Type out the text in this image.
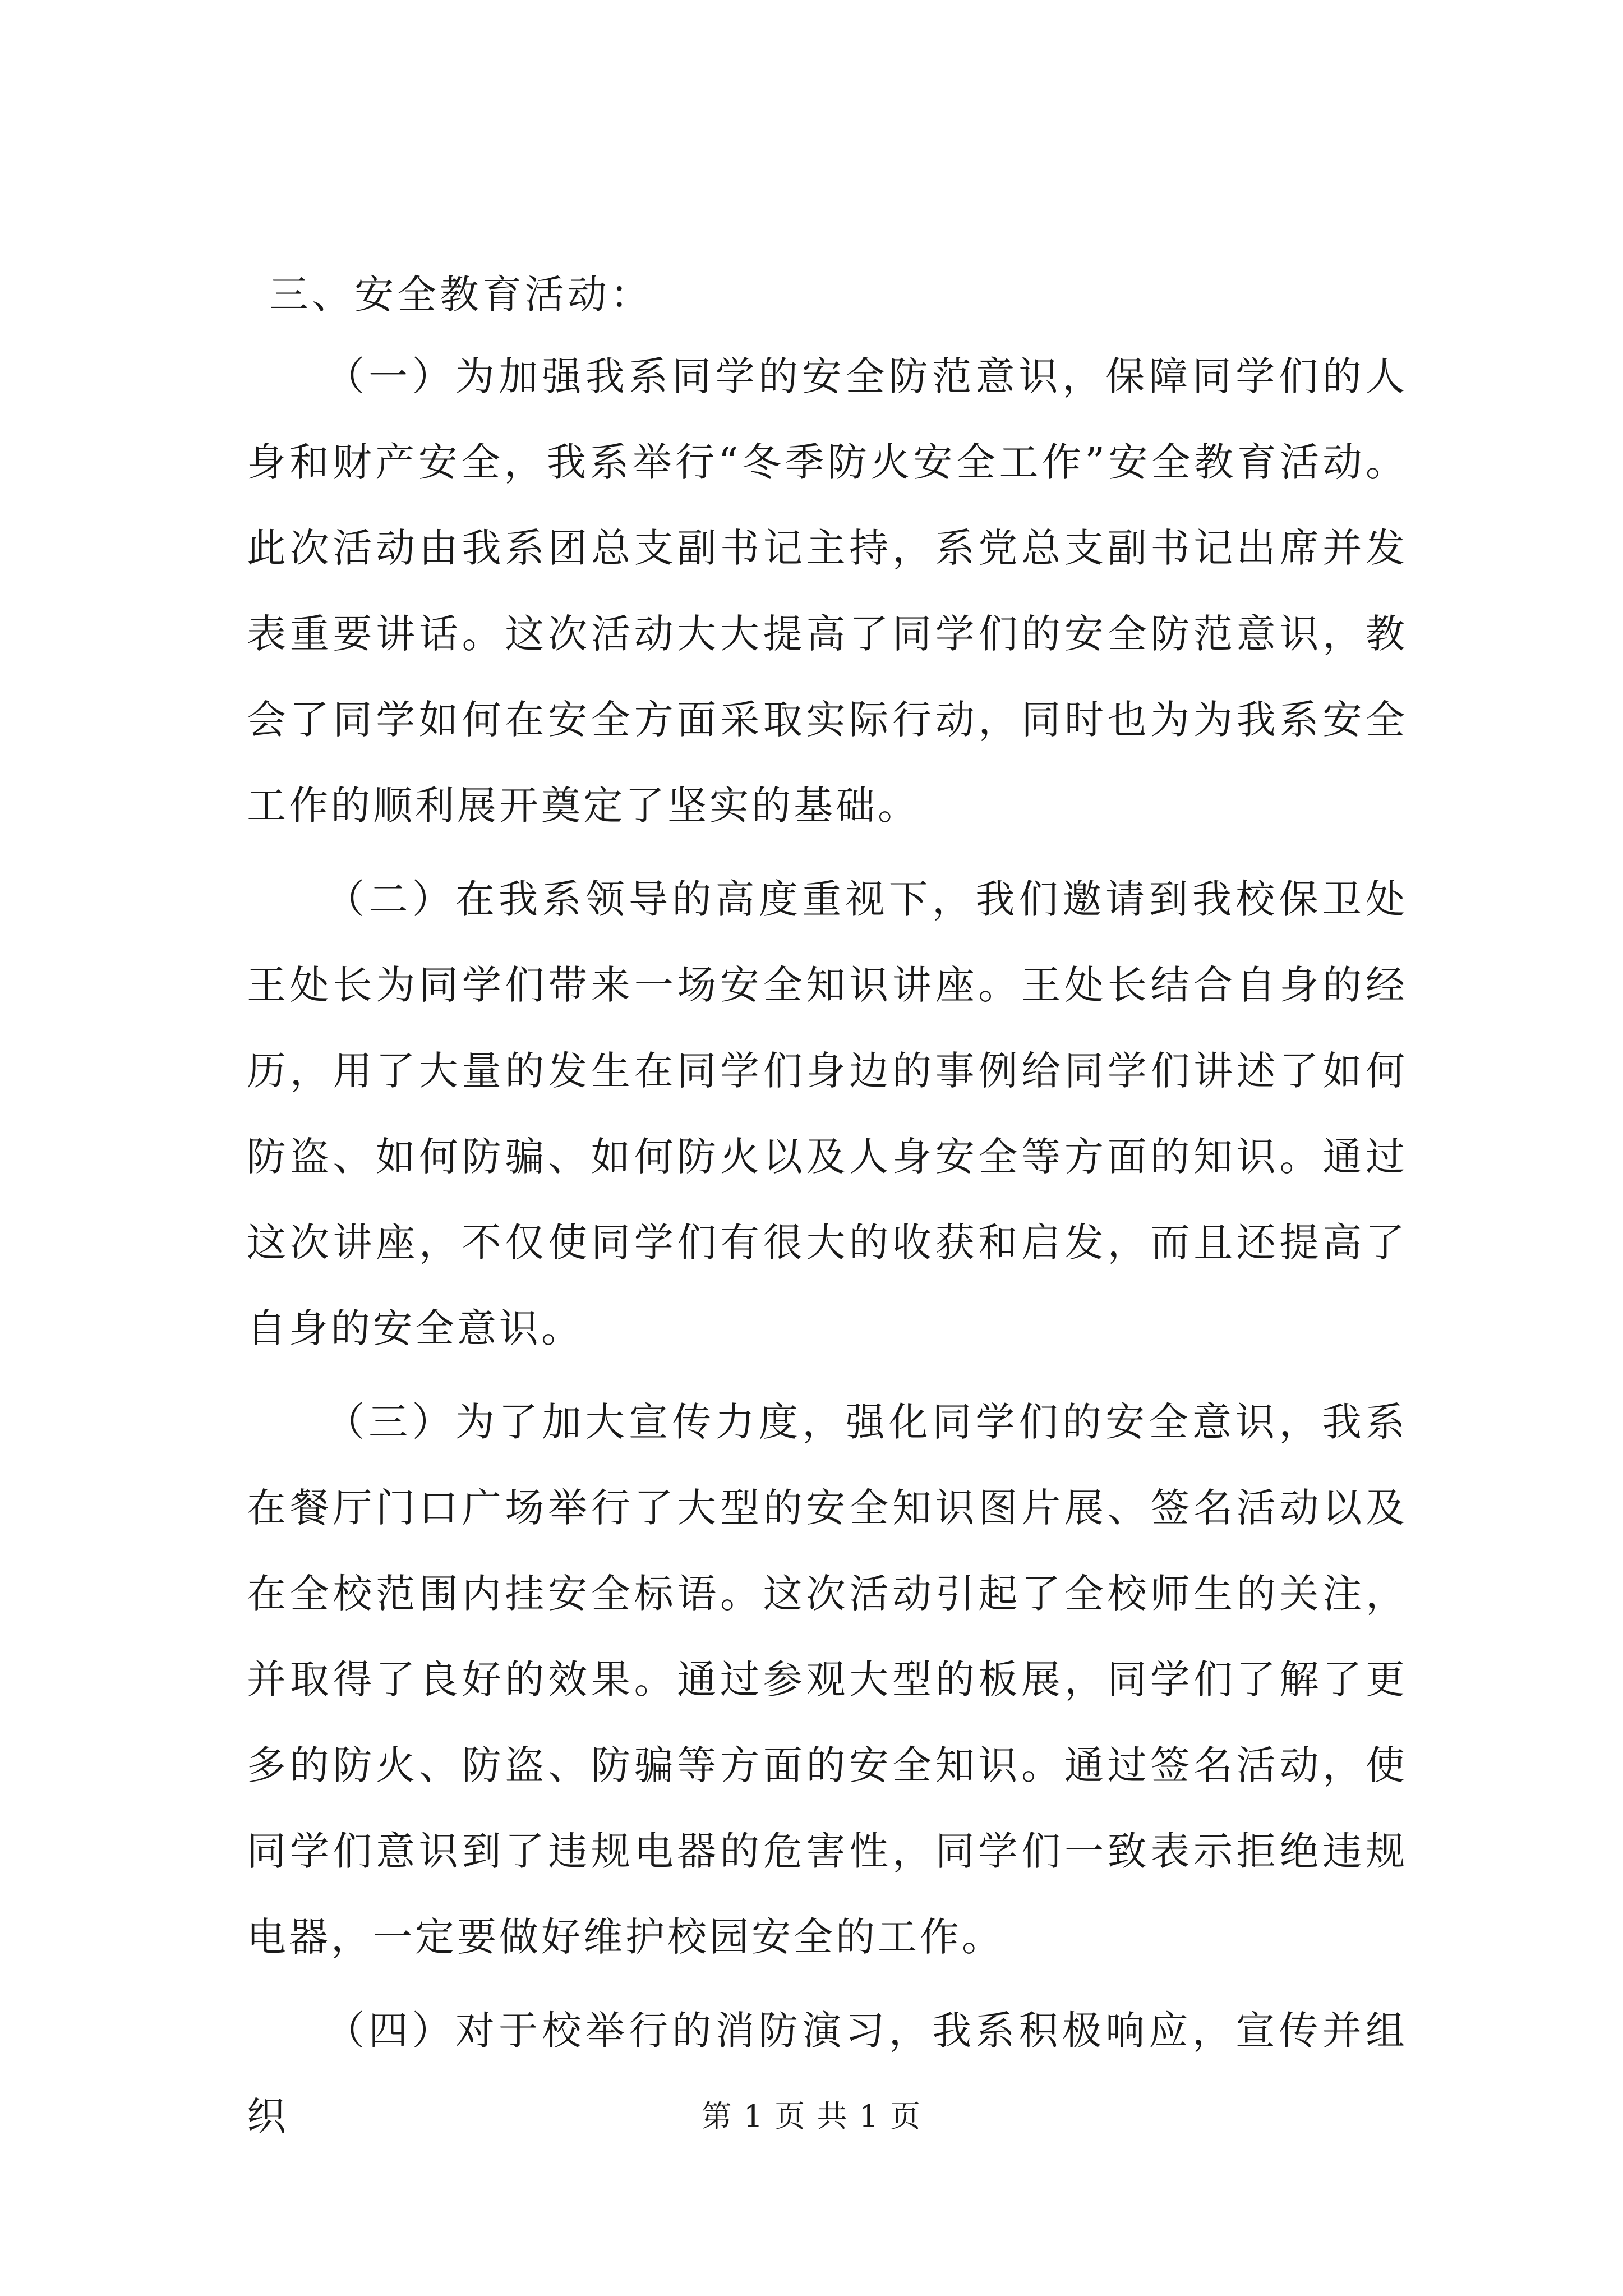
三、安全教育活动：

（一）为加强我系同学的安全防范意识，保障同学们的人身和财产安全，我系举行“冬季防火安全工作”安全教育活动。此次活动由我系团总支副书记主持，系党总支副书记出席并发表重要讲话。这次活动大大提高了同学们的安全防范意识，教会了同学如何在安全方面采取实际行动，同时也为为我系安全工作的顺利展开奠定了坚实的基础。

（二）在我系领导的高度重视下，我们邀请到我校保卫处王处长为同学们带来一场安全知识讲座。王处长结合自身的经历，用了大量的发生在同学们身边的事例给同学们讲述了如何防盗、如何防骗、如何防火以及人身安全等方面的知识。通过这次讲座，不仅使同学们有很大的收获和启发，而且还提高了自身的安全意识。

（三）为了加大宣传力度，强化同学们的安全意识，我系在餐厅门口广场举行了大型的安全知识图片展、签名活动以及在全校范围内挂安全标语。这次活动引起了全校师生的关注，并取得了良好的效果。通过参观大型的板展，同学们了解了更多的防火、防盗、防骗等方面的安全知识。通过签名活动，使同学们意识到了违规电器的危害性，同学们一致表示拒绝违规电器，一定要做好维护校园安全的工作。

（四）对于校举行的消防演习，我系积极响应，宣传并组织	第 1 页 共 1 页
